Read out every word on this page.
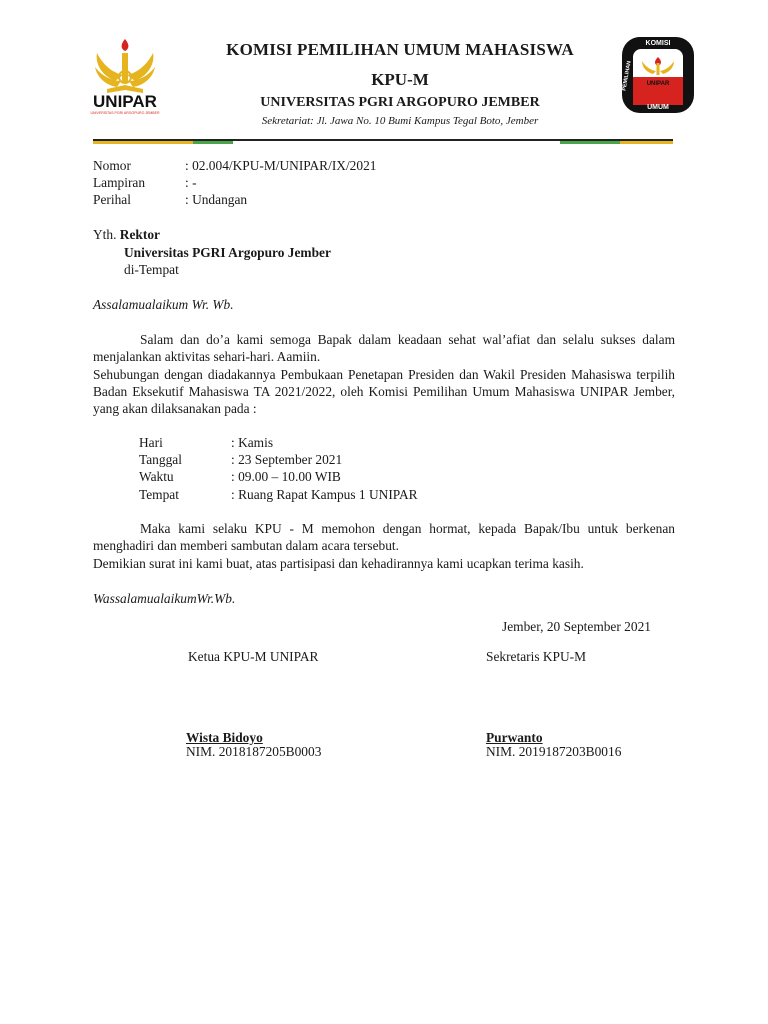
UNIPAR
UNIVERSITAS PGRI ARGOPURO JEMBER
KOMISI PEMILIHAN UMUM MAHASISWA
KPU-M
UNIVERSITAS PGRI ARGOPURO JEMBER
Sekretariat: Jl. Jawa No. 10 Bumi Kampus Tegal Boto, Jember
KOMISI
PEMILIHAN	UNIPAR
UMUM
Nomor	: 02.004/KPU-M/UNIPAR/IX/2021
Lampiran	: -
Perihal	: Undangan
Yth. Rektor
Universitas PGRI Argopuro Jember
di-Tempat
Assalamualaikum Wr. Wb.
Salam dan do’a kami semoga Bapak dalam keadaan sehat wal’afiat dan selalu sukses dalam menjalankan aktivitas sehari-hari. Aamiin.
Sehubungan dengan diadakannya Pembukaan Penetapan Presiden dan Wakil Presiden Mahasiswa terpilih Badan Eksekutif Mahasiswa TA 2021/2022, oleh Komisi Pemilihan Umum Mahasiswa UNIPAR Jember, yang akan dilaksanakan pada :
Hari	: Kamis
Tanggal	: 23 September 2021
Waktu	: 09.00 – 10.00 WIB
Tempat	: Ruang Rapat Kampus 1 UNIPAR
Maka kami selaku KPU - M memohon dengan hormat, kepada Bapak/Ibu untuk berkenan menghadiri dan memberi sambutan dalam acara tersebut.
Demikian surat ini kami buat, atas partisipasi dan kehadirannya kami ucapkan terima kasih.
WassalamualaikumWr.Wb.
Jember, 20 September 2021
Ketua KPU-M UNIPAR	Sekretaris KPU-M
Wista Bidoyo	Purwanto
NIM. 2018187205B0003	NIM. 2019187203B0016
